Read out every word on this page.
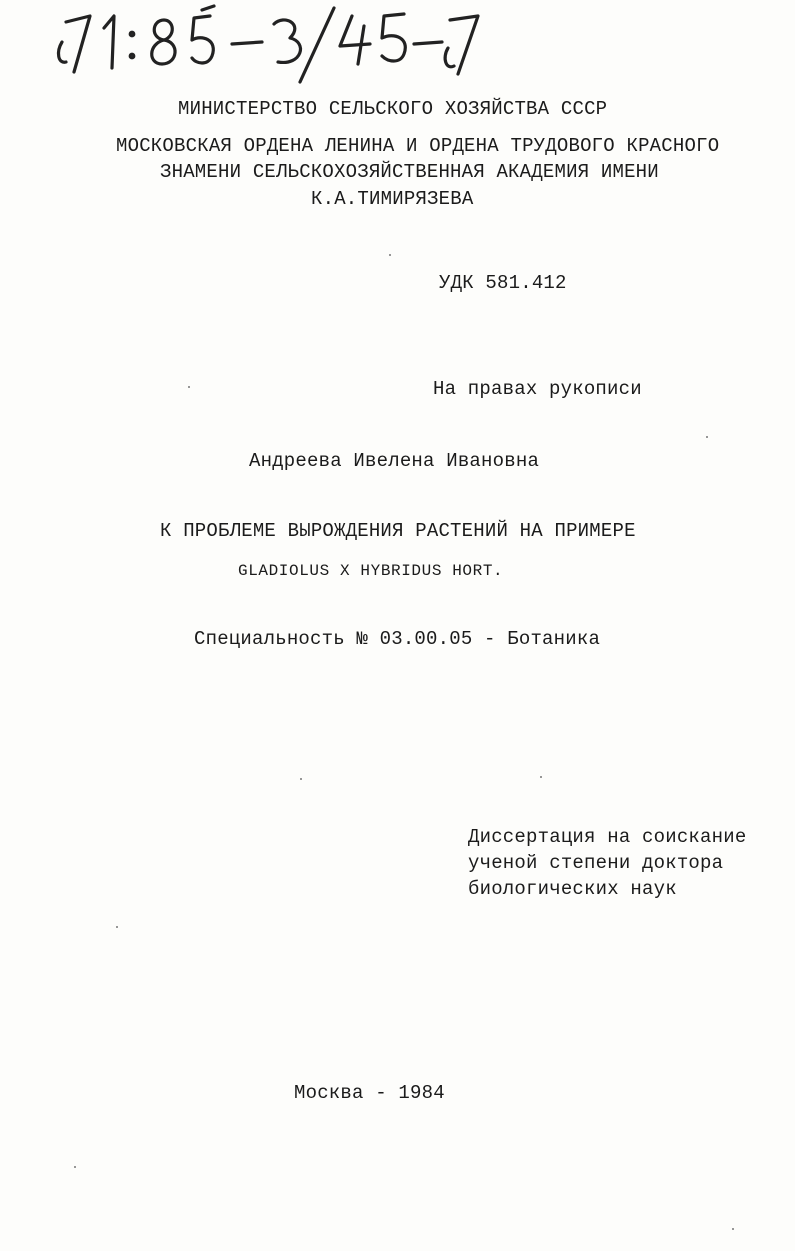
МИНИСТЕРСТВО СЕЛЬСКОГО ХОЗЯЙСТВА СССР
МОСКОВСКАЯ ОРДЕНА ЛЕНИНА И ОРДЕНА ТРУДОВОГО КРАСНОГО
ЗНАМЕНИ СЕЛЬСКОХОЗЯЙСТВЕННАЯ АКАДЕМИЯ ИМЕНИ
К.А.ТИМИРЯЗЕВА
УДК 581.412
На правах рукописи
Андреева Ивелена Ивановна
К ПРОБЛЕМЕ ВЫРОЖДЕНИЯ РАСТЕНИЙ НА ПРИМЕРЕ
GLADIOLUS X HYBRIDUS HORT.
Специальность № 03.00.05 - Ботаника
Диссертация на соискание
ученой степени доктора
биологических наук
Москва - 1984
